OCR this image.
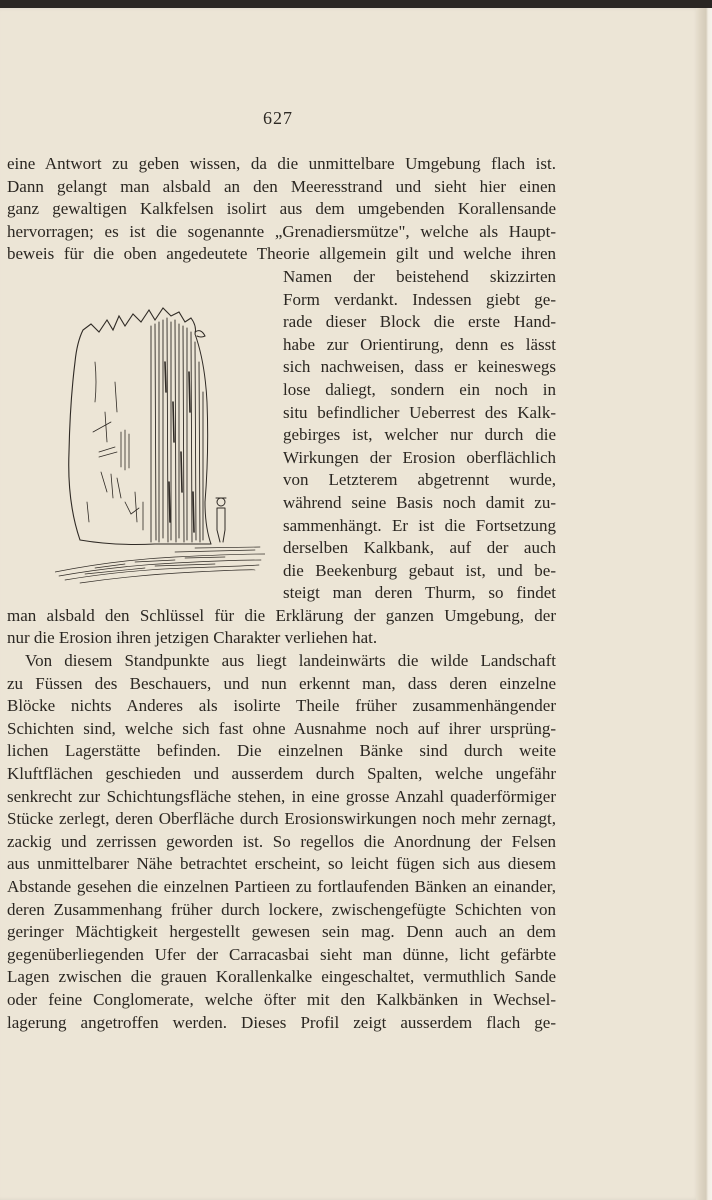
627
eine Antwort zu geben wissen, da die unmittelbare Umgebung flach ist.
Dann gelangt man alsbald an den Meeresstrand und sieht hier einen
ganz gewaltigen Kalkfelsen isolirt aus dem umgebenden Korallensande
hervorragen; es ist die sogenannte „Grenadiersmütze", welche als Haupt-
beweis für die oben angedeutete Theorie allgemein gilt und welche ihren
Namen der beistehend skizzirten
Form verdankt. Indessen giebt ge-
rade dieser Block die erste Hand-
habe zur Orientirung, denn es lässt
sich nachweisen, dass er keineswegs
lose daliegt, sondern ein noch in
situ befindlicher Ueberrest des Kalk-
gebirges ist, welcher nur durch die
Wirkungen der Erosion oberflächlich
von Letzterem abgetrennt wurde,
während seine Basis noch damit zu-
sammenhängt. Er ist die Fortsetzung
derselben Kalkbank, auf der auch
die Beekenburg gebaut ist, und be-
steigt man deren Thurm, so findet
man alsbald den Schlüssel für die Erklärung der ganzen Umgebung, der
nur die Erosion ihren jetzigen Charakter verliehen hat.
Von diesem Standpunkte aus liegt landeinwärts die wilde Landschaft
zu Füssen des Beschauers, und nun erkennt man, dass deren einzelne
Blöcke nichts Anderes als isolirte Theile früher zusammenhängender
Schichten sind, welche sich fast ohne Ausnahme noch auf ihrer ursprüng-
lichen Lagerstätte befinden. Die einzelnen Bänke sind durch weite
Kluftflächen geschieden und ausserdem durch Spalten, welche ungefähr
senkrecht zur Schichtungsfläche stehen, in eine grosse Anzahl quaderförmiger
Stücke zerlegt, deren Oberfläche durch Erosionswirkungen noch mehr zernagt,
zackig und zerrissen geworden ist. So regellos die Anordnung der Felsen
aus unmittelbarer Nähe betrachtet erscheint, so leicht fügen sich aus diesem
Abstande gesehen die einzelnen Partieen zu fortlaufenden Bänken an einander,
deren Zusammenhang früher durch lockere, zwischengefügte Schichten von
geringer Mächtigkeit hergestellt gewesen sein mag. Denn auch an dem
gegenüberliegenden Ufer der Carracasbai sieht man dünne, licht gefärbte
Lagen zwischen die grauen Korallenkalke eingeschaltet, vermuthlich Sande
oder feine Conglomerate, welche öfter mit den Kalkbänken in Wechsel-
lagerung angetroffen werden. Dieses Profil zeigt ausserdem flach ge-
